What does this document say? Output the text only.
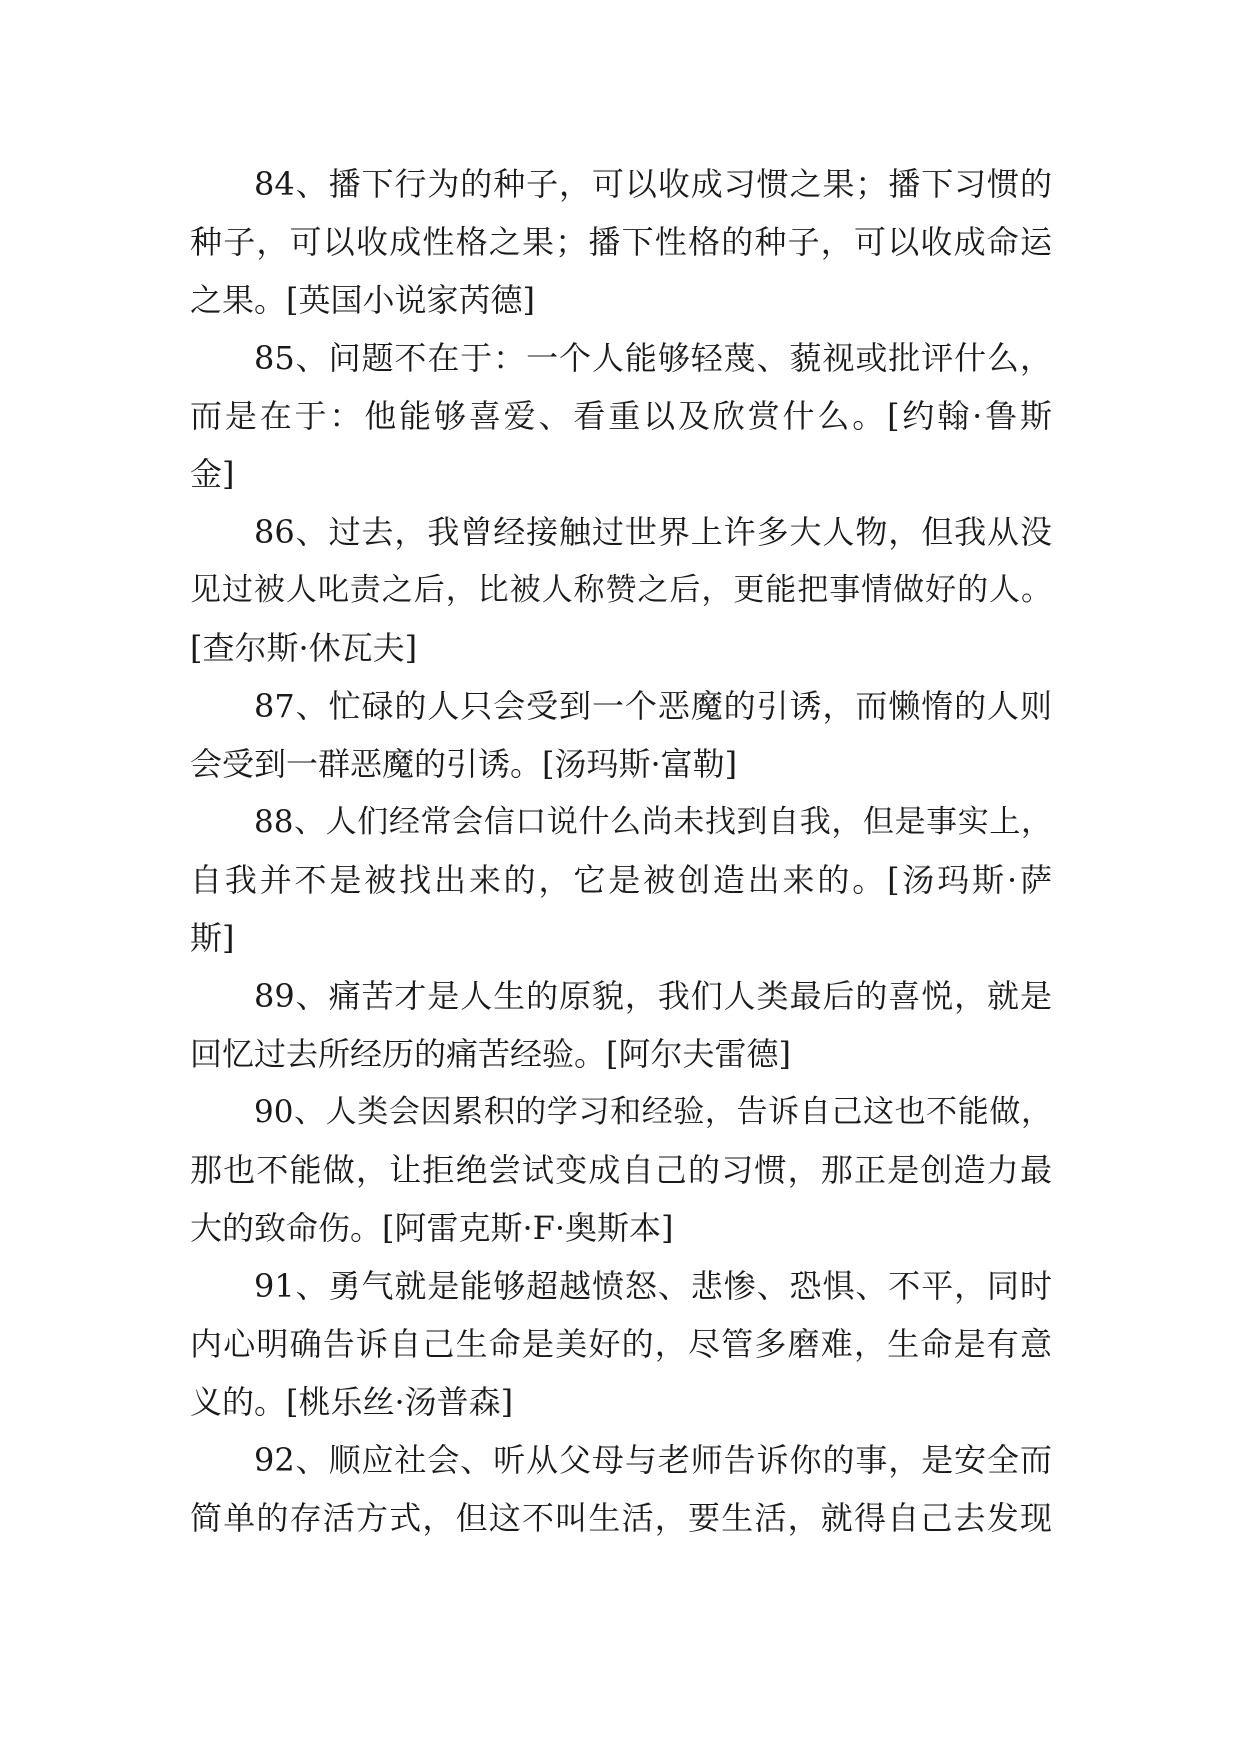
84、播下行为的种子，可以收成习惯之果；播下习惯的
种子，可以收成性格之果；播下性格的种子，可以收成命运
之果。[英国小说家芮德]
85、问题不在于：一个人能够轻蔑、藐视或批评什么，
而是在于：他能够喜爱、看重以及欣赏什么。[约翰·鲁斯
金]
86、过去，我曾经接触过世界上许多大人物，但我从没
见过被人叱责之后，比被人称赞之后，更能把事情做好的人。
[查尔斯·休瓦夫]
87、忙碌的人只会受到一个恶魔的引诱，而懒惰的人则
会受到一群恶魔的引诱。[汤玛斯·富勒]
88、人们经常会信口说什么尚未找到自我，但是事实上，
自我并不是被找出来的，它是被创造出来的。[汤玛斯·萨
斯]
89、痛苦才是人生的原貌，我们人类最后的喜悦，就是
回忆过去所经历的痛苦经验。[阿尔夫雷德]
90、人类会因累积的学习和经验，告诉自己这也不能做，
那也不能做，让拒绝尝试变成自己的习惯，那正是创造力最
大的致命伤。[阿雷克斯·F·奥斯本]
91、勇气就是能够超越愤怒、悲惨、恐惧、不平，同时
内心明确告诉自己生命是美好的，尽管多磨难，生命是有意
义的。[桃乐丝·汤普森]
92、顺应社会、听从父母与老师告诉你的事，是安全而
简单的存活方式，但这不叫生活，要生活，就得自己去发现
